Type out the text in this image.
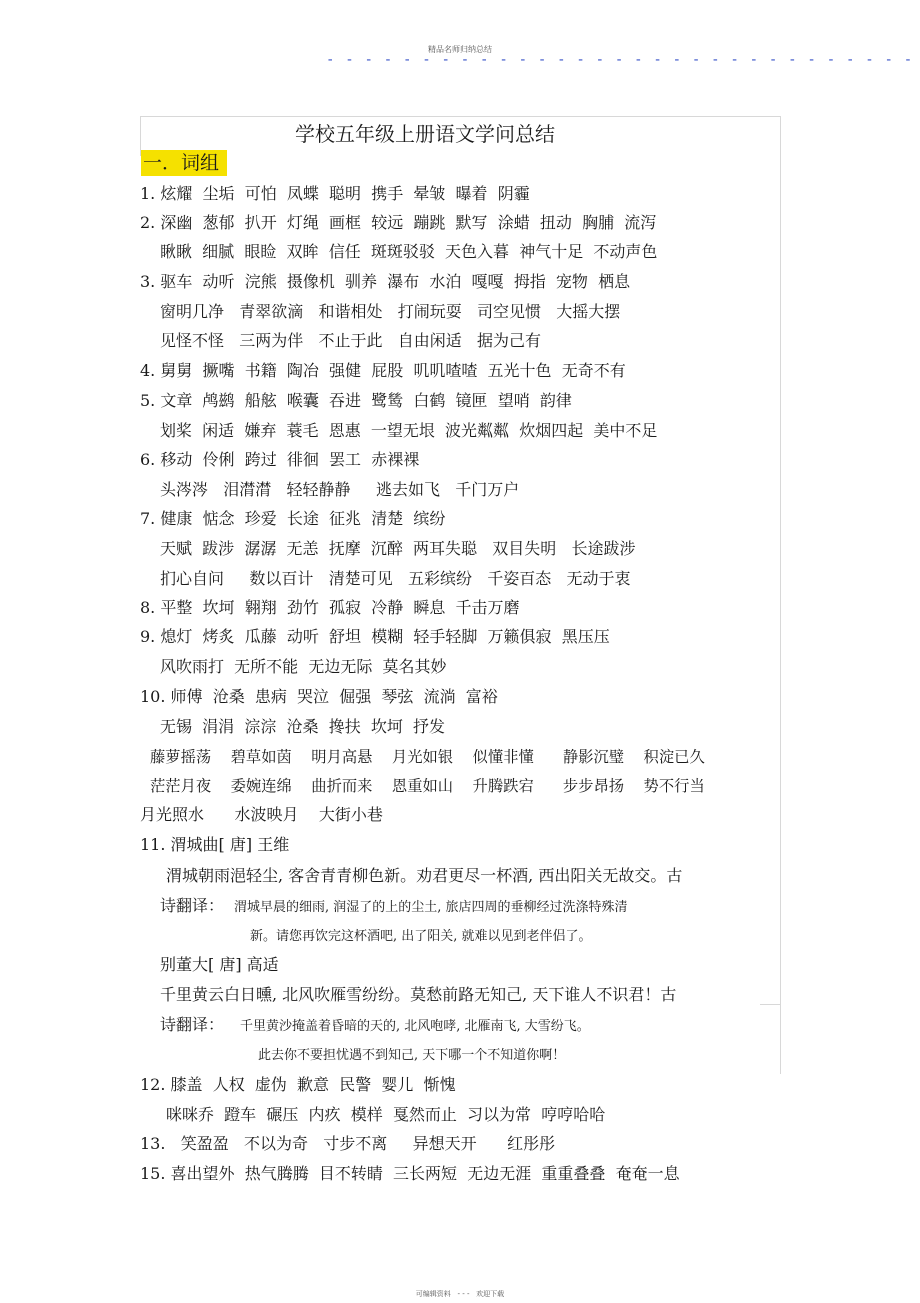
精品名师归纳总结
- - - - - - - - - - - - - - - - - - - - - - - - - - - - - - -
学校五年级上册语文学问总结
一．词组
1. 炫耀  尘垢  可怕  凤蝶  聪明  携手  晕皱  曝着  阴霾
2. 深幽  葱郁  扒开  灯绳  画框  较远  蹦跳  默写  涂蜡  扭动  胸脯  流泻
瞅瞅  细腻  眼睑  双眸  信任  斑斑驳驳  天色入暮  神气十足  不动声色
3. 驱车  动听  浣熊  摄像机  驯养  瀑布  水泊  嘎嘎  拇指  宠物  栖息
窗明几净   青翠欲滴   和谐相处   打闹玩耍   司空见惯   大摇大摆
见怪不怪   三两为伴   不止于此   自由闲适   据为己有
4. 舅舅  撅嘴  书籍  陶冶  强健  屁股  叽叽喳喳  五光十色  无奇不有
5. 文章  鸬鹚  船舷  喉囊  吞进  鹭鸶  白鹤  镜匣  望哨  韵律
划桨  闲适  嫌弃  蓑毛  恩惠  一望无垠  波光粼粼  炊烟四起  美中不足
6. 移动  伶俐  跨过  徘徊  罢工  赤裸裸
头涔涔   泪潸潸   轻轻静静     逃去如飞   千门万户
7. 健康  惦念  珍爱  长途  征兆  清楚  缤纷
天赋  跋涉  潺潺  无恙  抚摩  沉醉  两耳失聪   双目失明   长途跋涉
扪心自问     数以百计   清楚可见   五彩缤纷   千姿百态   无动于衷
8. 平整  坎坷  翱翔  劲竹  孤寂  冷静  瞬息  千击万磨
9. 熄灯  烤炙  瓜藤  动听  舒坦  模糊  轻手轻脚  万籁俱寂  黑压压
风吹雨打  无所不能  无边无际  莫名其妙
10. 师傅  沧桑  患病  哭泣  倔强  琴弦  流淌  富裕
无锡  涓涓  淙淙  沧桑  搀扶  坎坷  抒发
藤萝摇荡    碧草如茵    明月高悬    月光如银    似懂非懂      静影沉璧    积淀已久
茫茫月夜    委婉连绵    曲折而来    恩重如山    升腾跌宕      步步昂扬    势不行当
月光照水      水波映月    大街小巷
11. 渭城曲[ 唐] 王维
渭城朝雨浥轻尘, 客舍青青柳色新。劝君更尽一杯酒, 西出阳关无故交。古
诗翻译： 渭城早晨的细雨, 润湿了的上的尘土, 旅店四周的垂柳经过洗涤特殊清
新。请您再饮完这杯酒吧, 出了阳关, 就难以见到老伴侣了。
别董大[ 唐] 高适
千里黄云白日曛, 北风吹雁雪纷纷。莫愁前路无知己, 天下谁人不识君！古
诗翻译： 千里黄沙掩盖着昏暗的天的, 北风咆哮, 北雁南飞, 大雪纷飞。
此去你不要担忧遇不到知己, 天下哪一个不知道你啊！
12. 膝盖  人权  虚伪  歉意  民警  婴儿  惭愧
咪咪乔  蹬车  碾压  内疚  模样  戛然而止  习以为常  哼哼哈哈
13.   笑盈盈   不以为奇   寸步不离     异想天开      红彤彤
15. 喜出望外  热气腾腾  目不转睛  三长两短  无边无涯  重重叠叠  奄奄一息
可编辑资料   - - -   欢迎下载
